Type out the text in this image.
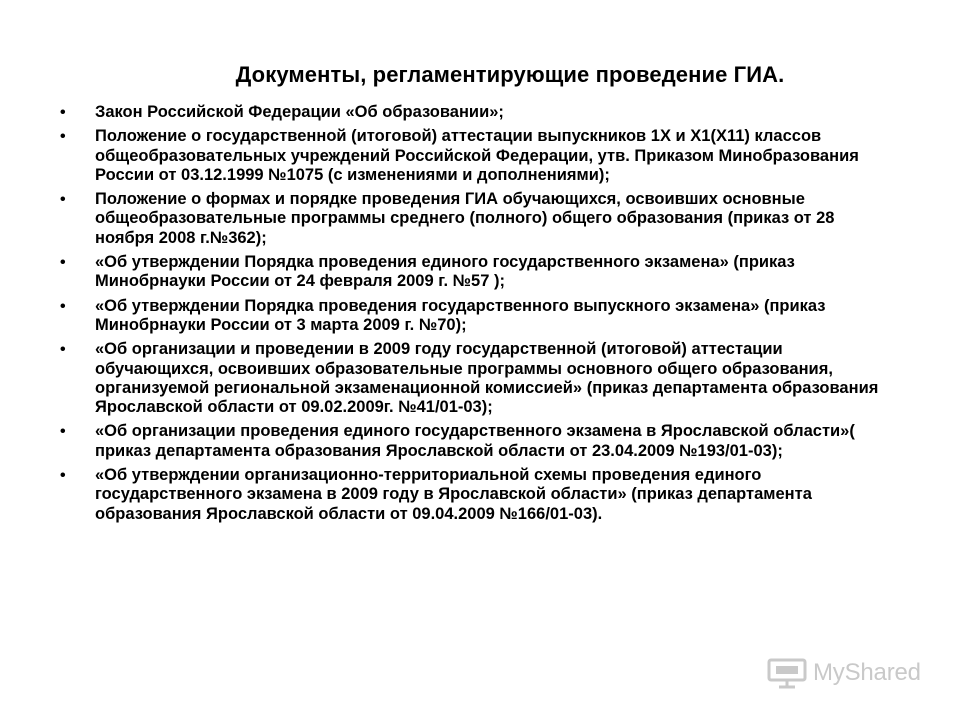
Документы, регламентирующие проведение ГИА.
•	Закон Российской Федерации «Об образовании»;
•	Положение о государственной (итоговой) аттестации выпускников 1X и X1(X11) классов общеобразовательных учреждений Российской Федерации, утв. Приказом Минобразования России от 03.12.1999 №1075 (с изменениями и дополнениями);
•	Положение о формах и порядке проведения ГИА обучающихся, освоивших основные общеобразовательные программы среднего (полного) общего образования (приказ от 28 ноября 2008 г.№362);
•	«Об утверждении Порядка проведения единого государственного экзамена» (приказ Минобрнауки России от 24 февраля 2009 г. №57 );
•	«Об утверждении Порядка проведения государственного выпускного экзамена» (приказ Минобрнауки России от 3 марта 2009 г. №70);
•	«Об организации и проведении в 2009 году государственной (итоговой) аттестации обучающихся, освоивших образовательные программы основного общего образования, организуемой региональной экзаменационной комиссией» (приказ департамента образования Ярославской области от 09.02.2009г. №41/01-03);
•	«Об организации проведения единого государственного экзамена в Ярославской области»( приказ департамента образования Ярославской области от 23.04.2009 №193/01-03);
•	«Об утверждении организационно-территориальной схемы проведения единого государственного экзамена в 2009 году в Ярославской области» (приказ департамента образования Ярославской области от 09.04.2009 №166/01-03).
MyShared
